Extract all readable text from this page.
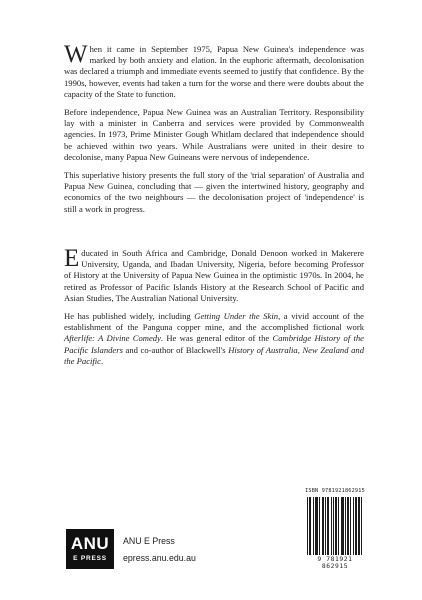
When it came in September 1975, Papua New Guinea's independence was marked by both anxiety and elation. In the euphoric aftermath, decolonisation was declared a triumph and immediate events seemed to justify that confidence. By the 1990s, however, events had taken a turn for the worse and there were doubts about the capacity of the State to function.

Before independence, Papua New Guinea was an Australian Territory. Responsibility lay with a minister in Canberra and services were provided by Commonwealth agencies. In 1973, Prime Minister Gough Whitlam declared that independence should be achieved within two years. While Australians were united in their desire to decolonise, many Papua New Guineans were nervous of independence.

This superlative history presents the full story of the 'trial separation' of Australia and Papua New Guinea, concluding that — given the intertwined history, geography and economics of the two neighbours — the decolonisation project of 'independence' is still a work in progress.

Educated in South Africa and Cambridge, Donald Denoon worked in Makerere University, Uganda, and Ibadan University, Nigeria, before becoming Professor of History at the University of Papua New Guinea in the optimistic 1970s. In 2004, he retired as Professor of Pacific Islands History at the Research School of Pacific and Asian Studies, The Australian National University.

He has published widely, including Getting Under the Skin, a vivid account of the establishment of the Panguna copper mine, and the accomplished fictional work Afterlife: A Divine Comedy. He was general editor of the Cambridge History of the Pacific Islanders and co-author of Blackwell's History of Australia, New Zealand and the Pacific.

ISBN 9781921862915
9 781921 862915
ANU
E PRESS
ANU E Press
epress.anu.edu.au
